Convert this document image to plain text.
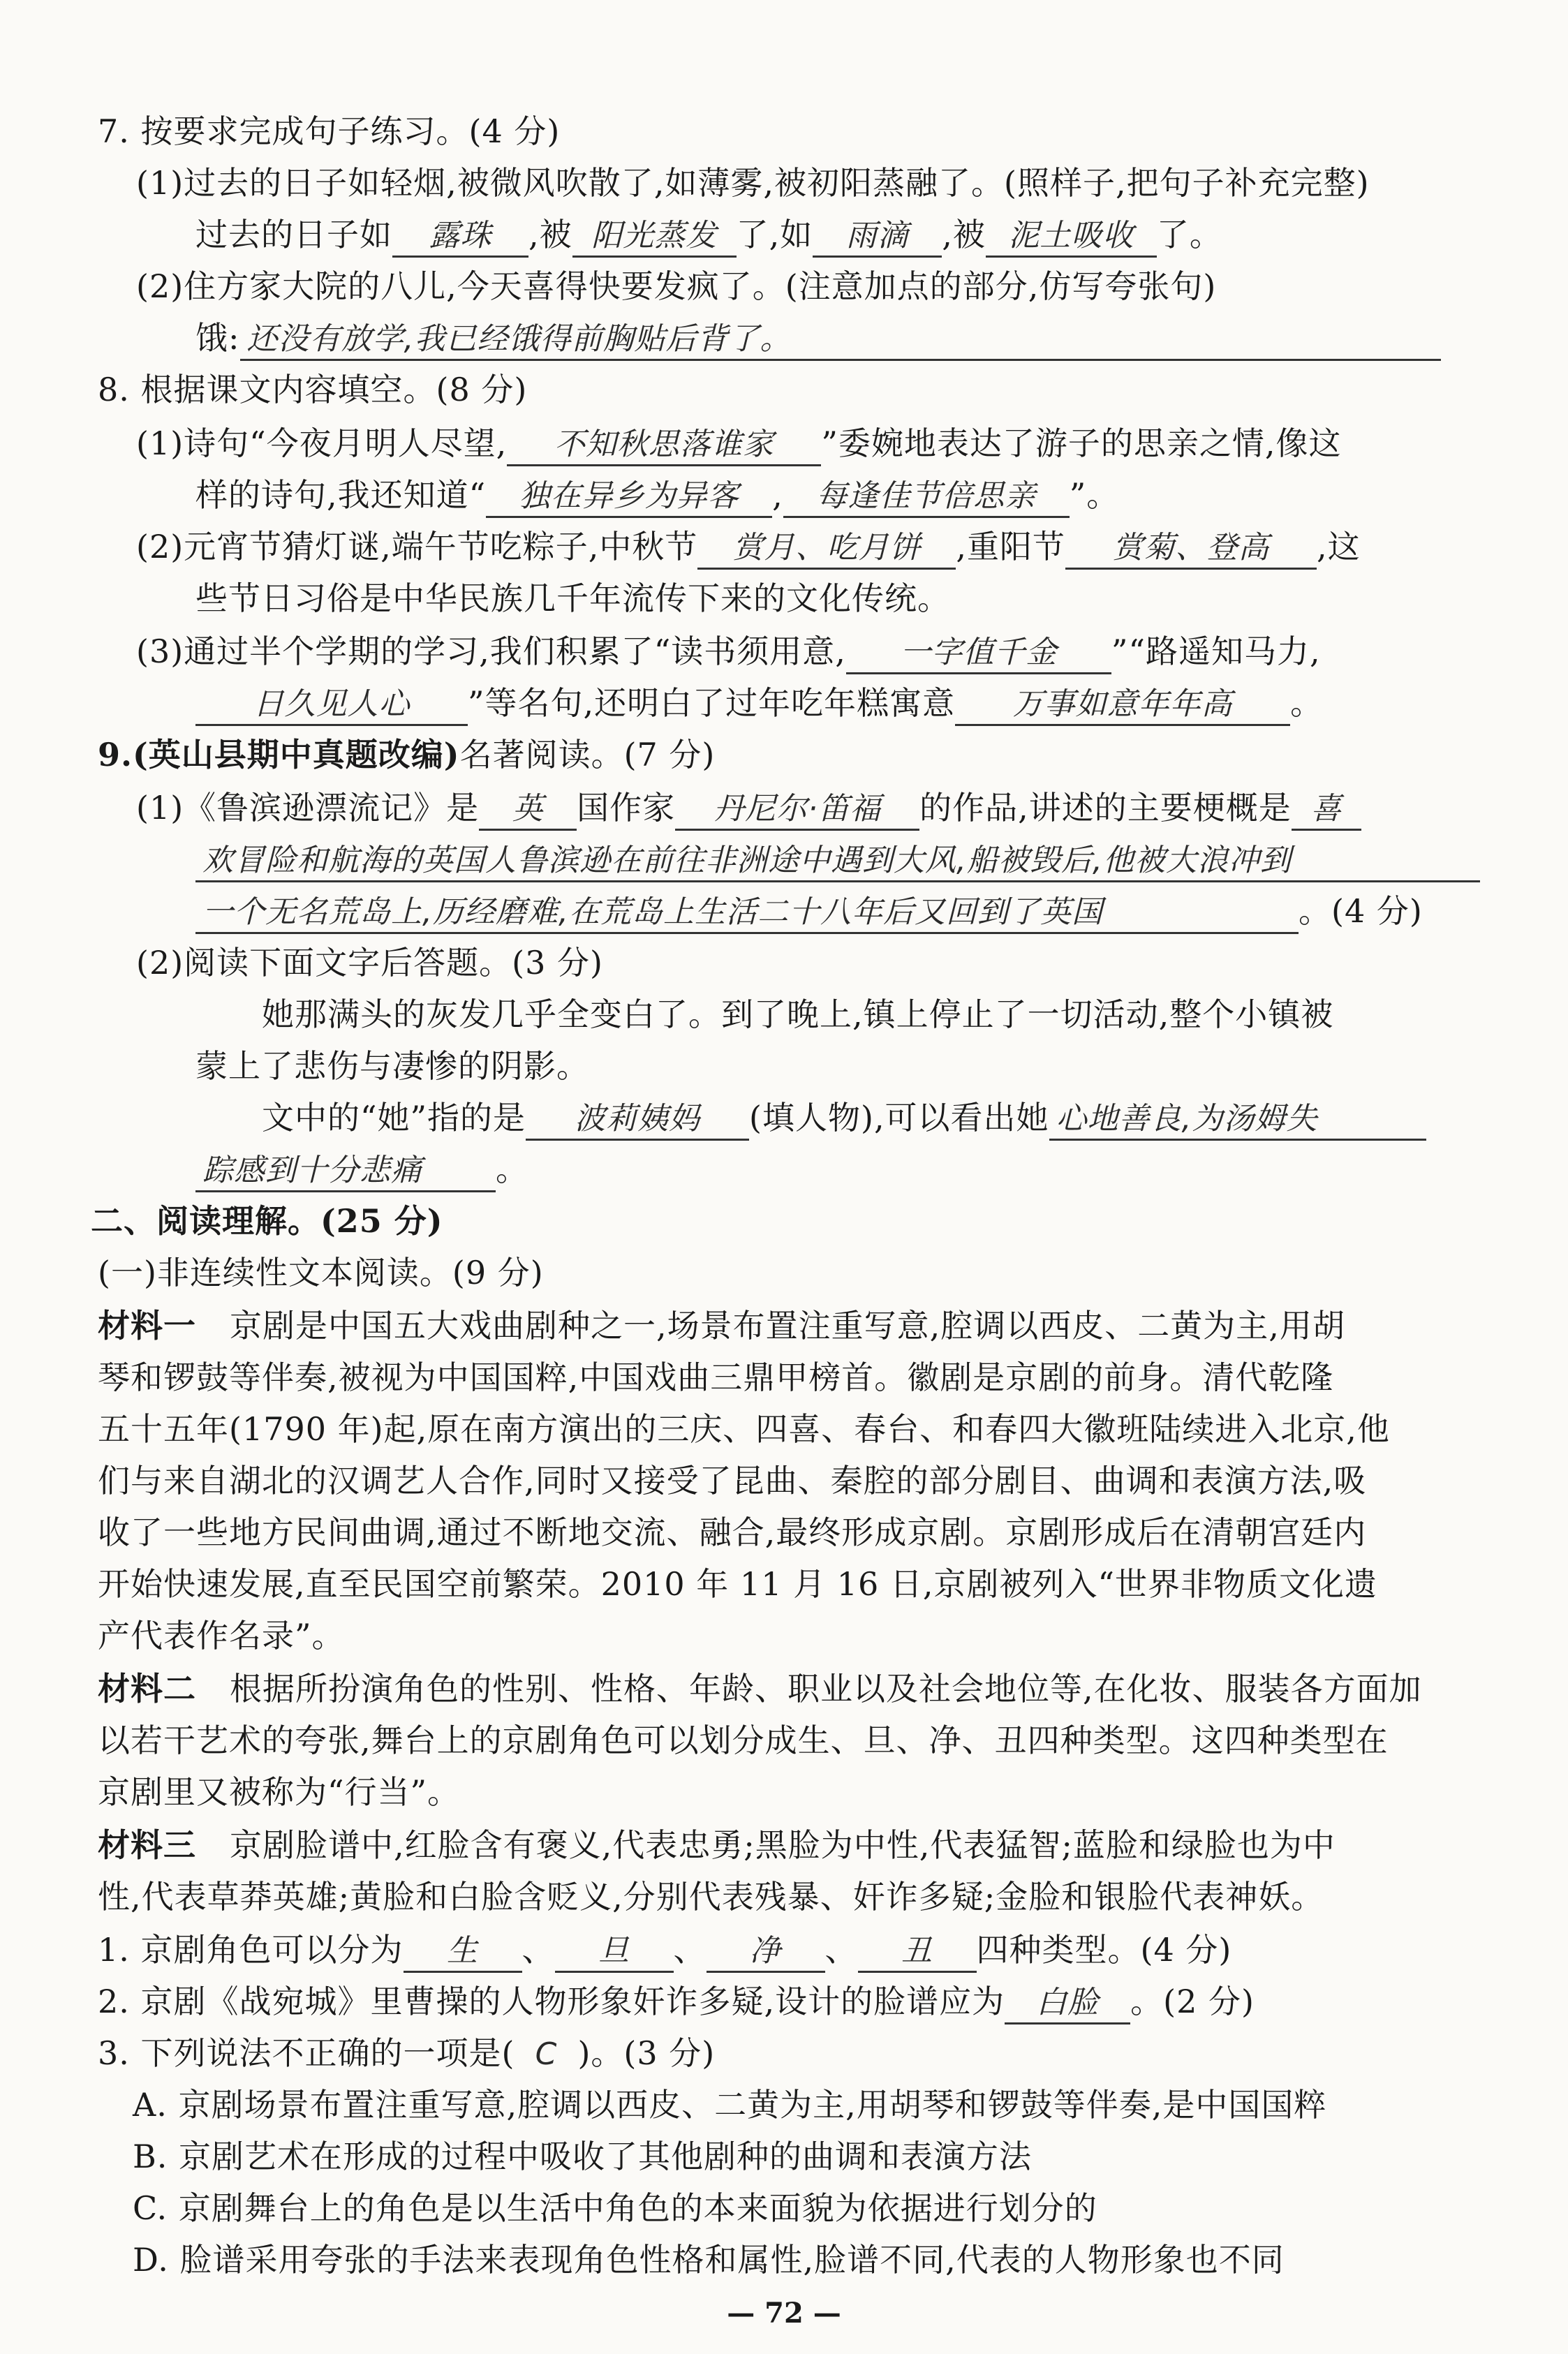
7. 按要求完成句子练习。(4 分)
(1)过去的日子如轻烟,被微风吹散了,如薄雾,被初阳蒸融了。(照样子,把句子补充完整)
过去的日子如 露珠 ,被 阳光蒸发 了,如 雨滴 ,被 泥土吸收 了。
(2)住方家大院的八儿,今天喜得快要发疯了。(注意加点的部分,仿写夸张句)
饿: 还没有放学,我已经饿得前胸贴后背了。
8. 根据课文内容填空。(8 分)
(1)诗句“今夜月明人尽望, 不知秋思落谁家 ”委婉地表达了游子的思亲之情,像这
样的诗句,我还知道“ 独在异乡为异客 , 每逢佳节倍思亲 ”。
(2)元宵节猜灯谜,端午节吃粽子,中秋节 赏月、吃月饼 ,重阳节 赏菊、登高 ,这
些节日习俗是中华民族几千年流传下来的文化传统。
(3)通过半个学期的学习,我们积累了“读书须用意, 一字值千金 ”“路遥知马力,
日久见人心 ”等名句,还明白了过年吃年糕寓意 万事如意年年高 。
9.(英山县期中真题改编)名著阅读。(7 分)
(1)《鲁滨逊漂流记》是 英 国作家 丹尼尔·笛福 的作品,讲述的主要梗概是 喜
欢冒险和航海的英国人鲁滨逊在前往非洲途中遇到大风,船被毁后,他被大浪冲到
一个无名荒岛上,历经磨难,在荒岛上生活二十八年后又回到了英国	。(4 分)
(2)阅读下面文字后答题。(3 分)
她那满头的灰发几乎全变白了。到了晚上,镇上停止了一切活动,整个小镇被
蒙上了悲伤与凄惨的阴影。
文中的“她”指的是 波莉姨妈 (填人物),可以看出她 心地善良,为汤姆失
踪感到十分悲痛 。
二、阅读理解。(25 分)
(一)非连续性文本阅读。(9 分)
材料一 京剧是中国五大戏曲剧种之一,场景布置注重写意,腔调以西皮、二黄为主,用胡
琴和锣鼓等伴奏,被视为中国国粹,中国戏曲三鼎甲榜首。徽剧是京剧的前身。清代乾隆
五十五年(1790 年)起,原在南方演出的三庆、四喜、春台、和春四大徽班陆续进入北京,他
们与来自湖北的汉调艺人合作,同时又接受了昆曲、秦腔的部分剧目、曲调和表演方法,吸
收了一些地方民间曲调,通过不断地交流、融合,最终形成京剧。京剧形成后在清朝宫廷内
开始快速发展,直至民国空前繁荣。2010 年 11 月 16 日,京剧被列入“世界非物质文化遗
产代表作名录”。
材料二 根据所扮演角色的性别、性格、年龄、职业以及社会地位等,在化妆、服装各方面加
以若干艺术的夸张,舞台上的京剧角色可以划分成生、旦、净、丑四种类型。这四种类型在
京剧里又被称为“行当”。
材料三 京剧脸谱中,红脸含有褒义,代表忠勇;黑脸为中性,代表猛智;蓝脸和绿脸也为中
性,代表草莽英雄;黄脸和白脸含贬义,分别代表残暴、奸诈多疑;金脸和银脸代表神妖。
1. 京剧角色可以分为 生 、 旦 、 净 、 丑 四种类型。(4 分)
2. 京剧《战宛城》里曹操的人物形象奸诈多疑,设计的脸谱应为 白脸 。(2 分)
3. 下列说法不正确的一项是( C )。(3 分)
A. 京剧场景布置注重写意,腔调以西皮、二黄为主,用胡琴和锣鼓等伴奏,是中国国粹
B. 京剧艺术在形成的过程中吸收了其他剧种的曲调和表演方法
C. 京剧舞台上的角色是以生活中角色的本来面貌为依据进行划分的
D. 脸谱采用夸张的手法来表现角色性格和属性,脸谱不同,代表的人物形象也不同
— 72 —
